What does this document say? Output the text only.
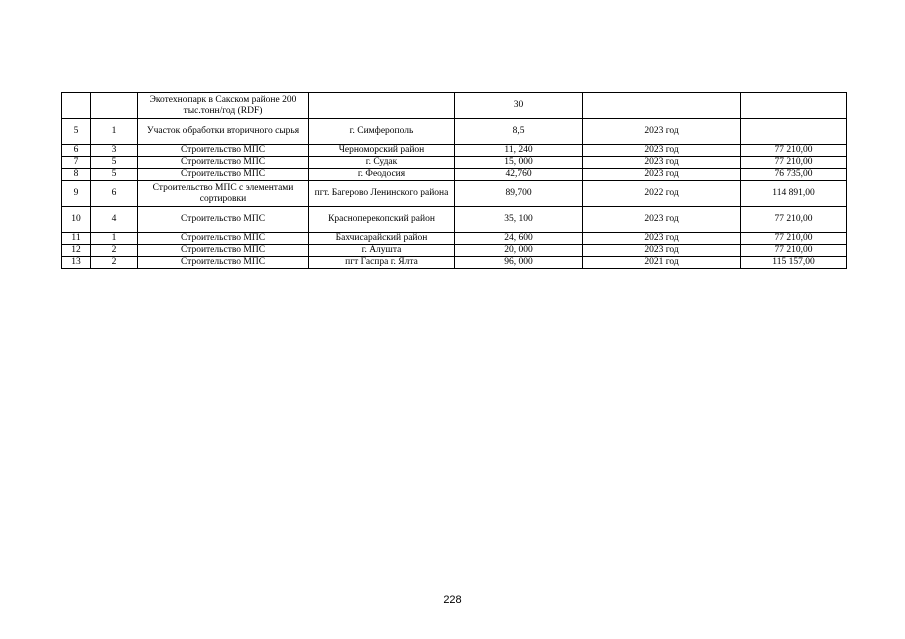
		Экотехнопарк в Сакском районе 200 тыс.тонн/год (RDF)		30		
5	1	Участок обработки вторичного сырья	г. Симферополь	8,5	2023 год	
6	3	Строительство МПС	Черноморский район	11, 240	2023 год	77 210,00
7	5	Строительство МПС	г. Судак	15, 000	2023 год	77 210,00
8	5	Строительство МПС	г. Феодосия	42,760	2023 год	76 735,00
9	6	Строительство МПС с элементами сортировки	пгт. Багерово Ленинского района	89,700	2022 год	114 891,00
10	4	Строительство МПС	Красноперекопский район	35, 100	2023 год	77 210,00
11	1	Строительство МПС	Бахчисарайский район	24, 600	2023 год	77 210,00
12	2	Строительство МПС	г. Алушта	20, 000	2023 год	77 210,00
13	2	Строительство МПС	пгт Гаспра г. Ялта	96, 000	2021 год	115 157,00
228
